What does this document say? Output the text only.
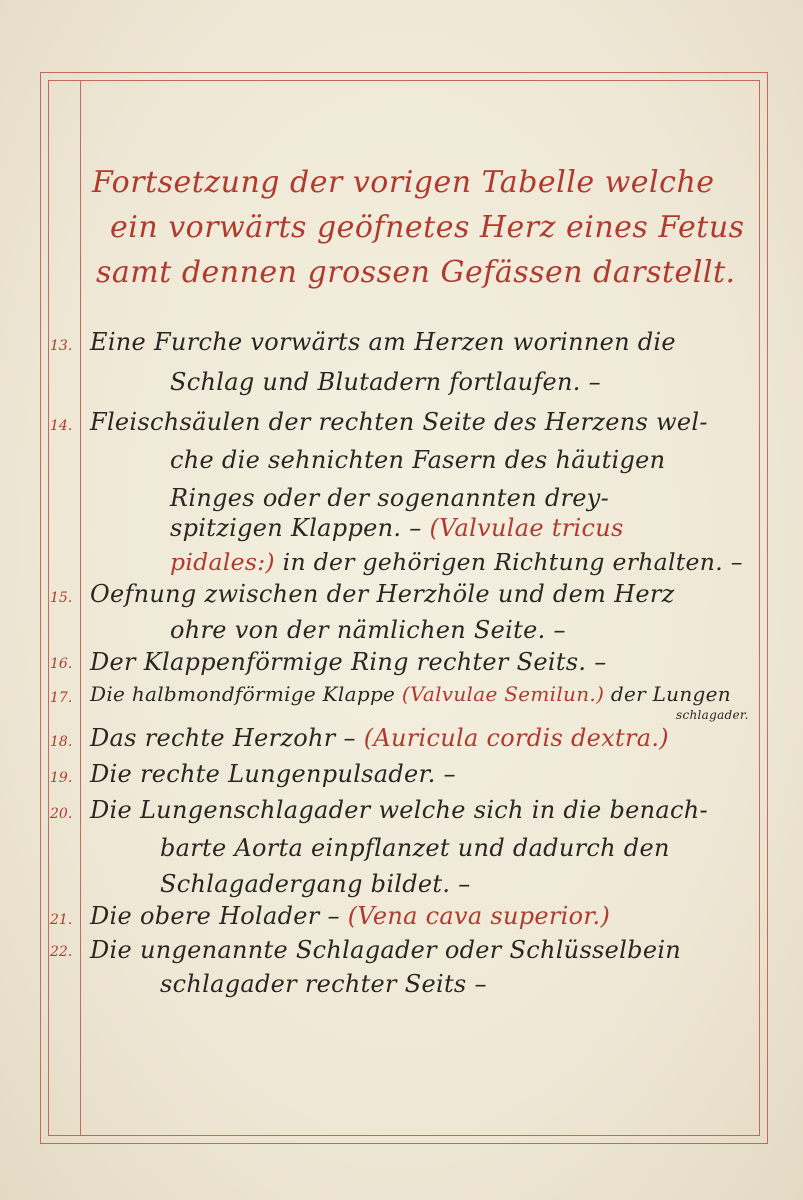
Fortsetzung der vorigen Tabelle welche
ein vorwärts geöfnetes Herz eines Fetus
samt dennen grossen Gefässen darstellt.
13. Eine Furche vorwärts am Herzen worinnen die
Schlag und Blutadern fortlaufen. –
14. Fleischsäulen der rechten Seite des Herzens wel-
che die sehnichten Fasern des häutigen
Ringes oder der sogenannten drey-
spitzigen Klappen. – (Valvulae tricus
pidales:) in der gehörigen Richtung erhalten. –
15. Oefnung zwischen der Herzhöle und dem Herz
ohre von der nämlichen Seite. –
16. Der Klappenförmige Ring rechter Seits. –
17. Die halbmondförmige Klappe (Valvulae Semilun.) der Lungen
schlagader.
18. Das rechte Herzohr – (Auricula cordis dextra.)
19. Die rechte Lungenpulsader. –
20. Die Lungenschlagader welche sich in die benach-
barte Aorta einpflanzet und dadurch den
Schlagadergang bildet. –
21. Die obere Holader – (Vena cava superior.)
22. Die ungenannte Schlagader oder Schlüsselbein
schlagader rechter Seits –
